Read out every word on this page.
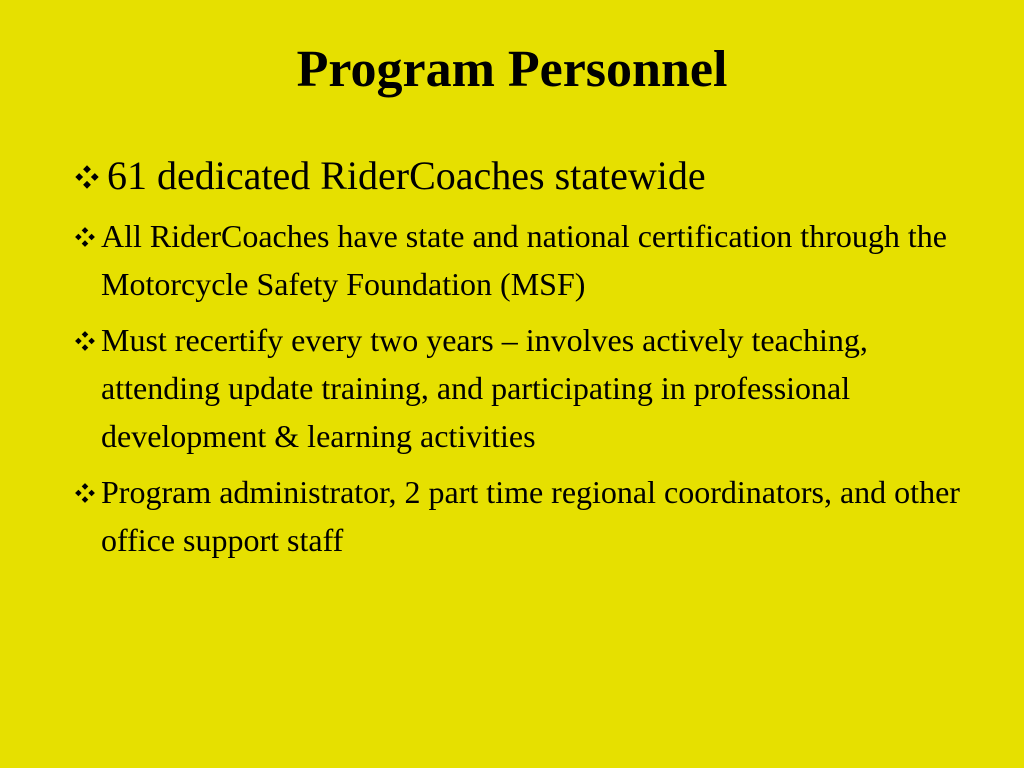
Program Personnel
61 dedicated RiderCoaches statewide
All RiderCoaches have state and national certification through the Motorcycle Safety Foundation (MSF)
Must recertify every two years – involves actively teaching, attending update training, and participating in professional development & learning activities
Program administrator, 2 part time regional coordinators, and other office support staff
